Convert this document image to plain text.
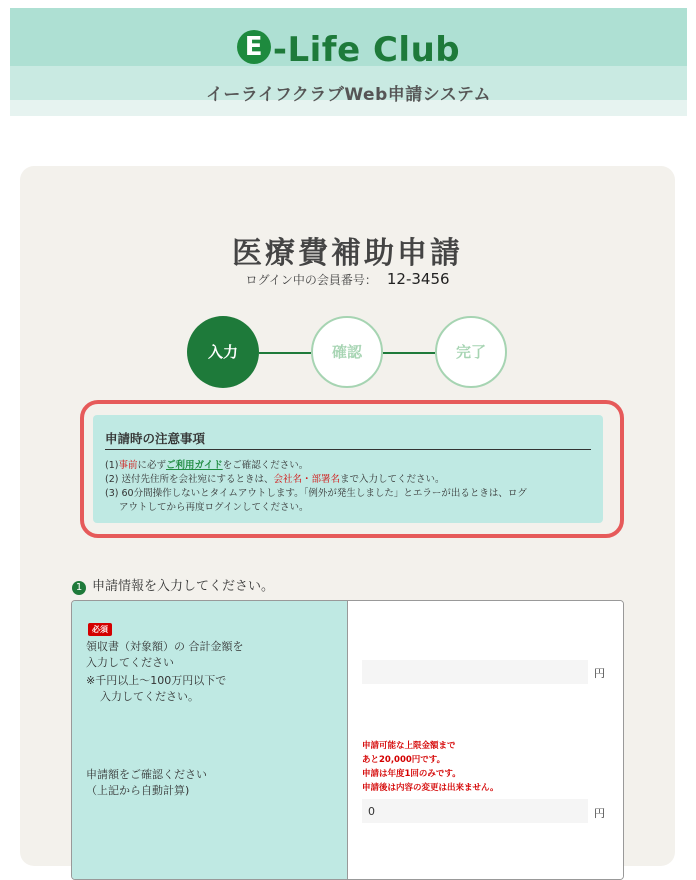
E -Life Club
イーライフクラブWeb申請システム
医療費補助申請
ログイン中の会員番号： 12-3456
入力	確認	完了
申請時の注意事項
(1)事前に必ずご利用ガイドをご確認ください。
(2) 送付先住所を会社宛にするときは、会社名・部署名まで入力してください。
(3) 60分間操作しないとタイムアウトします。「例外が発生しました」とエラーが出るときは、ログ
アウトしてから再度ログインしてください。
1 申請情報を入力してください。
必須
領収書（対象額）の 合計金額を
入力してください
※千円以上～100万円以下で
入力してください。
円
申請額をご確認ください
（上記から自動計算)
申請可能な上限金額まで
あと20,000円です。
申請は年度1回のみです。
申請後は内容の変更は出来ません。
0
円
